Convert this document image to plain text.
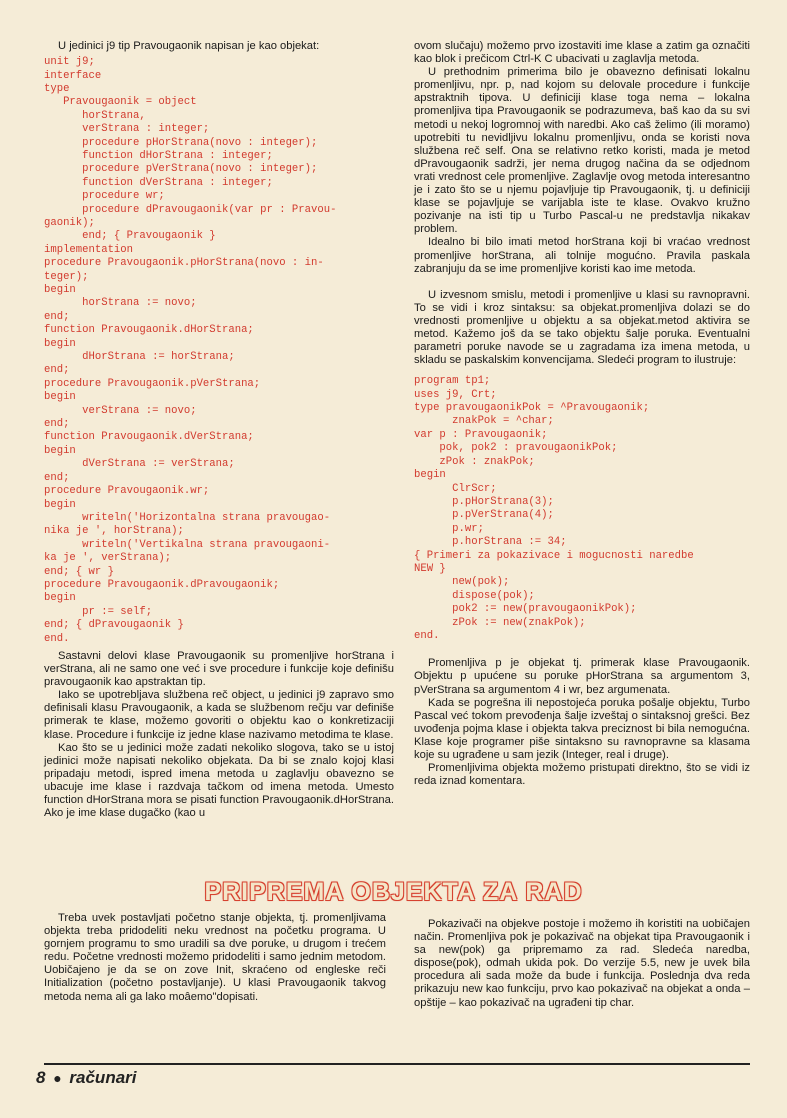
U jedinici j9 tip Pravougaonik napisan je kao objekat:

unit j9;
interface
type
Pravougaonik = object
horStrana,
verStrana : integer;
procedure pHorStrana(novo : integer);
function dHorStrana : integer;
procedure pVerStrana(novo : integer);
function dVerStrana : integer;
procedure wr;
procedure dPravougaonik(var pr : Pravou-
gaonik);
end; { Pravougaonik }
implementation
procedure Pravougaonik.pHorStrana(novo : in-
teger);
begin
horStrana := novo;
end;
function Pravougaonik.dHorStrana;
begin
dHorStrana := horStrana;
end;
procedure Pravougaonik.pVerStrana;
begin
verStrana := novo;
end;
function Pravougaonik.dVerStrana;
begin
dVerStrana := verStrana;
end;
procedure Pravougaonik.wr;
begin
writeln('Horizontalna strana pravougao-
nika je ', horStrana);
writeln('Vertikalna strana pravougaoni-
ka je ', verStrana);
end; { wr }
procedure Pravougaonik.dPravougaonik;
begin
pr := self;
end; { dPravougaonik }
end.

Sastavni delovi klase Pravougaonik su promenljive horStrana i verStrana, ali ne samo one već i sve procedure i funkcije koje definišu pravougaonik kao apstraktan tip.

Iako se upotrebljava službena reč object, u jedinici j9 zapravo smo definisali klasu Pravougaonik, a kada se službenom rečju var definiše primerak te klase, možemo govoriti o objektu kao o konkretizaciji klase. Procedure i funkcije iz jedne klase nazivamo metodima te klase.

Kao što se u jedinici može zadati nekoliko slogova, tako se u istoj jedinici može napisati nekoliko objekata. Da bi se znalo kojoj klasi pripadaju metodi, ispred imena metoda u zaglavlju obavezno se ubacuje ime klase i razdvaja tačkom od imena metoda. Umesto function dHorStrana mora se pisati function Pravougaonik.dHorStrana. Ako je ime klase dugačko (kao u

ovom slučaju) možemo prvo izostaviti ime klase a zatim ga označiti kao blok i prečicom Ctrl-K C ubacivati u zaglavlja metoda.

U prethodnim primerima bilo je obavezno definisati lokalnu promenljivu, npr. p, nad kojom su delovale procedure i funkcije apstraktnih tipova. U definiciji klase toga nema – lokalna promenljiva tipa Pravougaonik se podrazumeva, baš kao da su svi metodi u nekoj logromnoj with naredbi. Ako caš želimo (ili moramo) upotrebiti tu nevidljivu lokalnu promenljivu, onda se koristi nova službena reč self. Ona se relativno retko koristi, mada je metod dPravougaonik sadrži, jer nema drugog načina da se odjednom vrati vrednost cele promenljive. Zaglavlje ovog metoda interesantno je i zato što se u njemu pojavljuje tip Pravougaonik, tj. u definiciji klase se pojavljuje se varijabla iste te klase. Ovakvo kružno pozivanje na isti tip u Turbo Pascal-u ne predstavlja nikakav problem.

Idealno bi bilo imati metod horStrana koji bi vraćao vrednost promenljive horStrana, ali tolnije mogućno. Pravila paskala zabranjuju da se ime promenljive koristi kao ime metoda.

U izvesnom smislu, metodi i promenljive u klasi su ravnopravni. To se vidi i kroz sintaksu: sa objekat.promenljiva dolazi se do vrednosti promenljive u objektu a sa objekat.metod aktivira se metod. Kažemo još da se tako objektu šalje poruka. Eventualni parametri poruke navode se u zagradama iza imena metoda, u skladu se paskalskim konvencijama. Sledeći program to ilustruje:

program tp1;
uses j9, Crt;
type pravougaonikPok = ^Pravougaonik;
znakPok = ^char;
var p : Pravougaonik;
pok, pok2 : pravougaonikPok;
zPok : znakPok;
begin
ClrScr;
p.pHorStrana(3);
p.pVerStrana(4);
p.wr;
p.horStrana := 34;
{ Primeri za pokazivace i mogucnosti naredbe
NEW }
new(pok);
dispose(pok);
pok2 := new(pravougaonikPok);
zPok := new(znakPok);
end.

Promenljiva p je objekat tj. primerak klase Pravougaonik. Objektu p upućene su poruke pHorStrana sa argumentom 3, pVerStrana sa argumentom 4 i wr, bez argumenata.

Kada se pogrešna ili nepostojeća poruka pošalje objektu, Turbo Pascal već tokom prevođenja šalje izveštaj o sintaksnoj grešci. Bez uvođenja pojma klase i objekta takva preciznost bi bila nemogućna. Klase koje programer piše sintaksno su ravnopravne sa klasama koje su ugrađene u sam jezik (Integer, real i druge).

Promenljivima objekta možemo pristupati direktno, što se vidi iz reda iznad komentara.

PRIPREMA OBJEKTA ZA RAD

Treba uvek postavljati početno stanje objekta, tj. promenljivama objekta treba pridodeliti neku vrednost na početku programa. U gornjem programu to smo uradili sa dve poruke, u drugom i trećem redu. Početne vrednosti možemo pridodeliti i samo jednim metodom. Uobičajeno je da se on zove Init, skraćeno od engleske reči Initialization (početno postavljanje). U klasi Pravougaonik takvog metoda nema ali ga lako moâemo"dopisati.

Pokazivači na objekve postoje i možemo ih koristiti na uobičajen način. Promenljiva pok je pokazivač na objekat tipa Pravougaonik i sa new(pok) ga pripremamo za rad. Sledeća naredba, dispose(pok), odmah ukida pok. Do verzije 5.5, new je uvek bila procedura ali sada može da bude i funkcija. Poslednja dva reda prikazuju new kao funkciju, prvo kao pokazivač na objekat a onda – opštije – kao pokazivač na ugrađeni tip char.

8 ● računari
